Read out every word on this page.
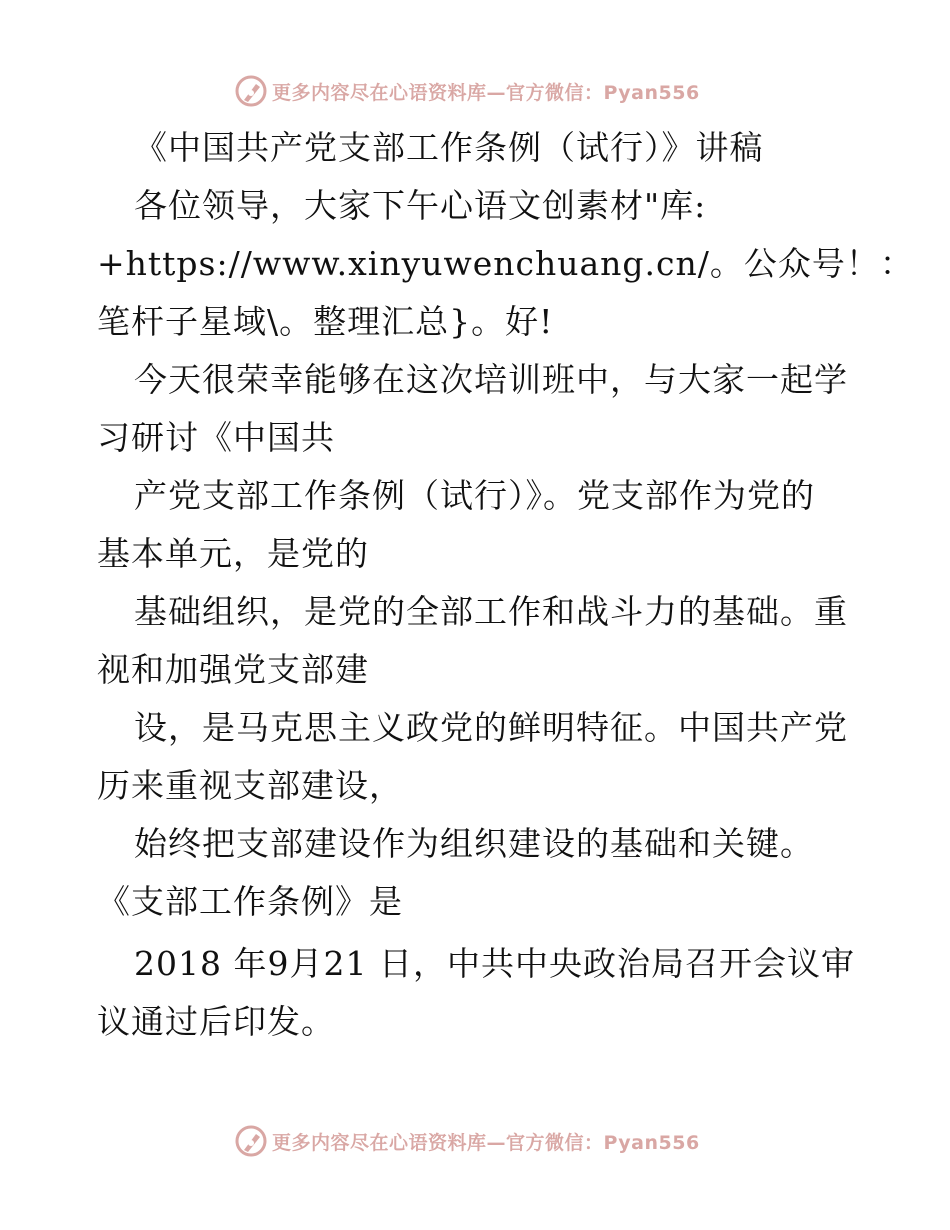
更多内容尽在心语资料库—官方微信：Pyan556
《中国共产党支部工作条例（试行）》讲稿
各位领导，大家下午心语文创素材"库:
+https://www.xinyuwenchuang.cn/。公众号！：
笔杆子星域\。整理汇总}。好!
今天很荣幸能够在这次培训班中，与大家一起学
习研讨《中国共
产党支部工作条例（试行）》。党支部作为党的
基本单元，是党的
基础组织，是党的全部工作和战斗力的基础。重
视和加强党支部建
设，是马克思主义政党的鲜明特征。中国共产党
历来重视支部建设，
始终把支部建设作为组织建设的基础和关键。
《支部工作条例》是
2018 年9月21 日，中共中央政治局召开会议审
议通过后印发。
更多内容尽在心语资料库—官方微信：Pyan556
